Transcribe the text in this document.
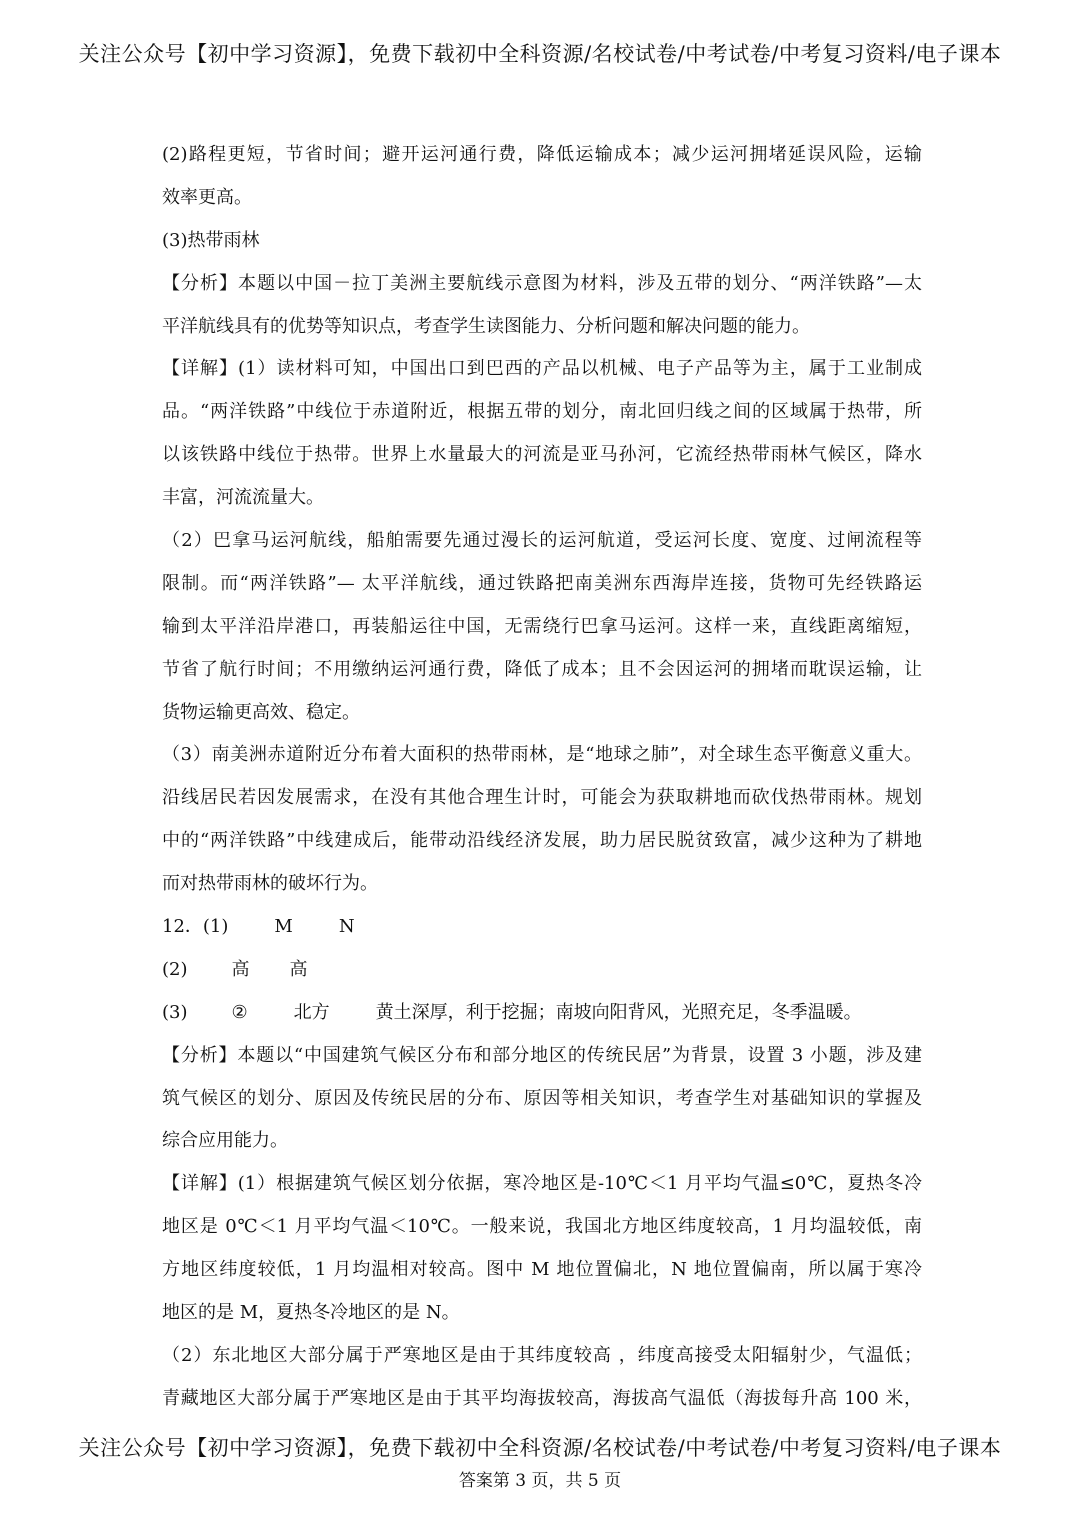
关注公众号【初中学习资源】，免费下载初中全科资源/名校试卷/中考试卷/中考复习资料/电子课本
(2)路程更短，节省时间；避开运河通行费，降低运输成本；减少运河拥堵延误风险，运输
效率更高。
(3)热带雨林
【分析】本题以中国－拉丁美洲主要航线示意图为材料，涉及五带的划分、“两洋铁路”—太
平洋航线具有的优势等知识点，考查学生读图能力、分析问题和解决问题的能力。
【详解】(1）读材料可知，中国出口到巴西的产品以机械、电子产品等为主，属于工业制成
品。“两洋铁路”中线位于赤道附近，根据五带的划分，南北回归线之间的区域属于热带，所
以该铁路中线位于热带。世界上水量最大的河流是亚马孙河，它流经热带雨林气候区，降水
丰富，河流流量大。
（2）巴拿马运河航线，船舶需要先通过漫长的运河航道，受运河长度、宽度、过闸流程等
限制。而“两洋铁路”— 太平洋航线，通过铁路把南美洲东西海岸连接，货物可先经铁路运
输到太平洋沿岸港口，再装船运往中国，无需绕行巴拿马运河。这样一来，直线距离缩短，
节省了航行时间；不用缴纳运河通行费，降低了成本；且不会因运河的拥堵而耽误运输，让
货物运输更高效、稳定。
（3）南美洲赤道附近分布着大面积的热带雨林，是“地球之肺”，对全球生态平衡意义重大。
沿线居民若因发展需求，在没有其他合理生计时，可能会为获取耕地而砍伐热带雨林。规划
中的“两洋铁路”中线建成后，能带动沿线经济发展，助力居民脱贫致富，减少这种为了耕地
而对热带雨林的破坏行为。
12．(1)	M	N
(2) 高 高
(3) ②	北方	黄土深厚，利于挖掘；南坡向阳背风，光照充足，冬季温暖。
【分析】本题以“中国建筑气候区分布和部分地区的传统民居”为背景，设置 3 小题，涉及建
筑气候区的划分、原因及传统民居的分布、原因等相关知识，考查学生对基础知识的掌握及
综合应用能力。
【详解】(1）根据建筑气候区划分依据，寒冷地区是-10℃＜1 月平均气温≤0℃，夏热冬冷
地区是 0℃＜1 月平均气温＜10℃。一般来说，我国北方地区纬度较高，1 月均温较低，南
方地区纬度较低，1 月均温相对较高。图中 M 地位置偏北，N 地位置偏南，所以属于寒冷
地区的是 M，夏热冬冷地区的是 N。
（2）东北地区大部分属于严寒地区是由于其纬度较高 ，纬度高接受太阳辐射少，气温低；
青藏地区大部分属于严寒地区是由于其平均海拔较高，海拔高气温低（海拔每升高 100 米，
关注公众号【初中学习资源】，免费下载初中全科资源/名校试卷/中考试卷/中考复习资料/电子课本
答案第 3 页，共 5 页
